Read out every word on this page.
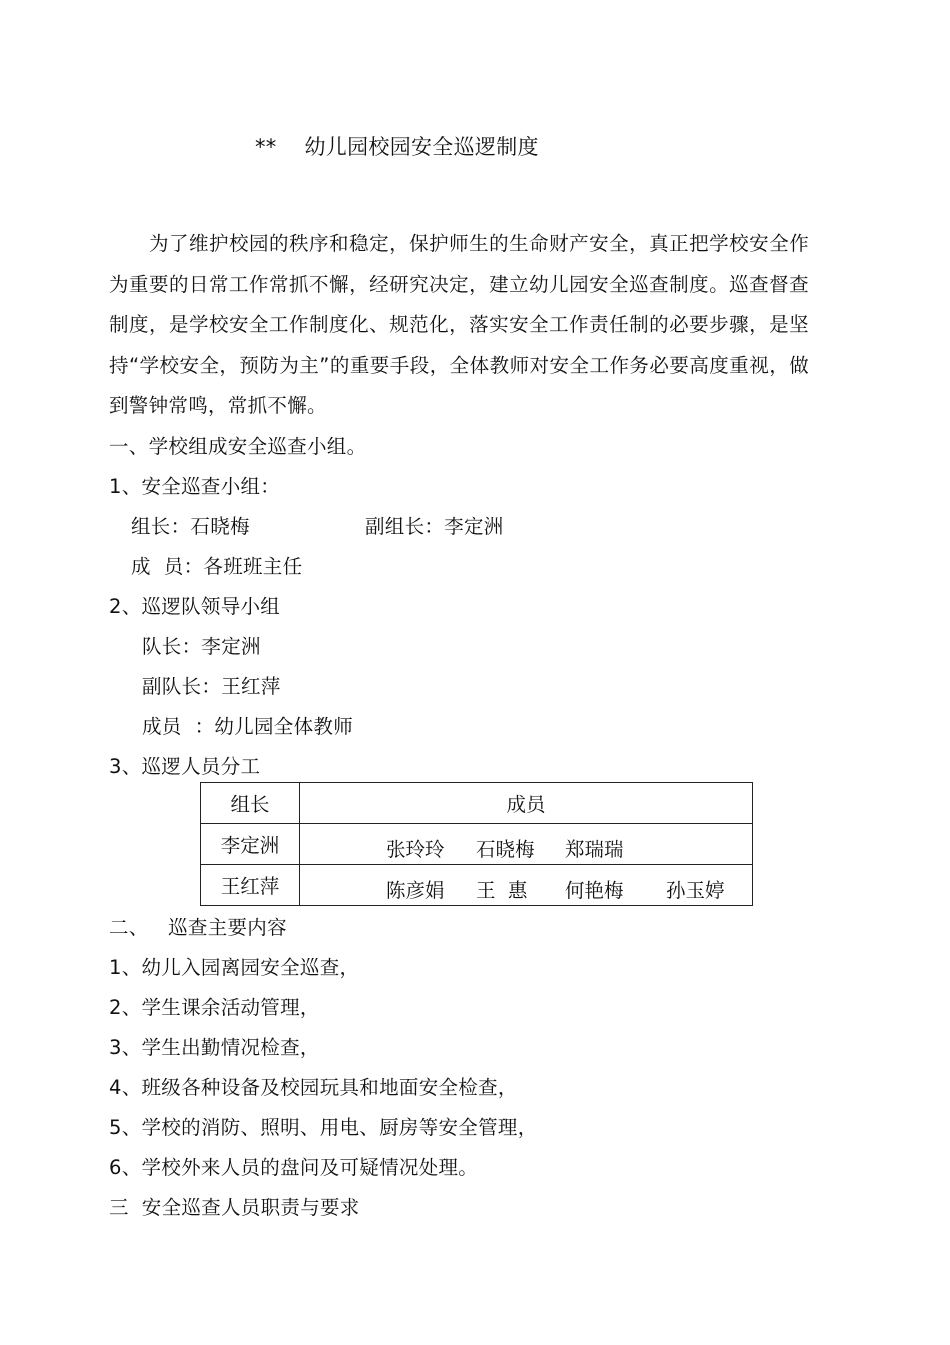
**    幼儿园校园安全巡逻制度
为了维护校园的秩序和稳定，保护师生的生命财产安全，真正把学校安全作为重要的日常工作常抓不懈，经研究决定，建立幼儿园安全巡查制度。巡查督查制度，是学校安全工作制度化、规范化，落实安全工作责任制的必要步骤，是坚持“学校安全，预防为主”的重要手段，全体教师对安全工作务必要高度重视，做到警钟常鸣，常抓不懈。
一、学校组成安全巡查小组。
1、安全巡查小组：
组长：石晓梅	副组长：李定洲
成  员：各班班主任
2、巡逻队领导小组
队长：李定洲
副队长：王红萍
成员  ：幼儿园全体教师
3、巡逻人员分工
组长	成员
李定洲	张玲玲 石晓梅 郑瑞瑞

王红萍	陈彦娟 王  惠 何艳梅 孙玉婷
二、   巡查主要内容
1、幼儿入园离园安全巡查，
2、学生课余活动管理，
3、学生出勤情况检查，
4、班级各种设备及校园玩具和地面安全检查，
5、学校的消防、照明、用电、厨房等安全管理，
6、学校外来人员的盘问及可疑情况处理。
三  安全巡查人员职责与要求
